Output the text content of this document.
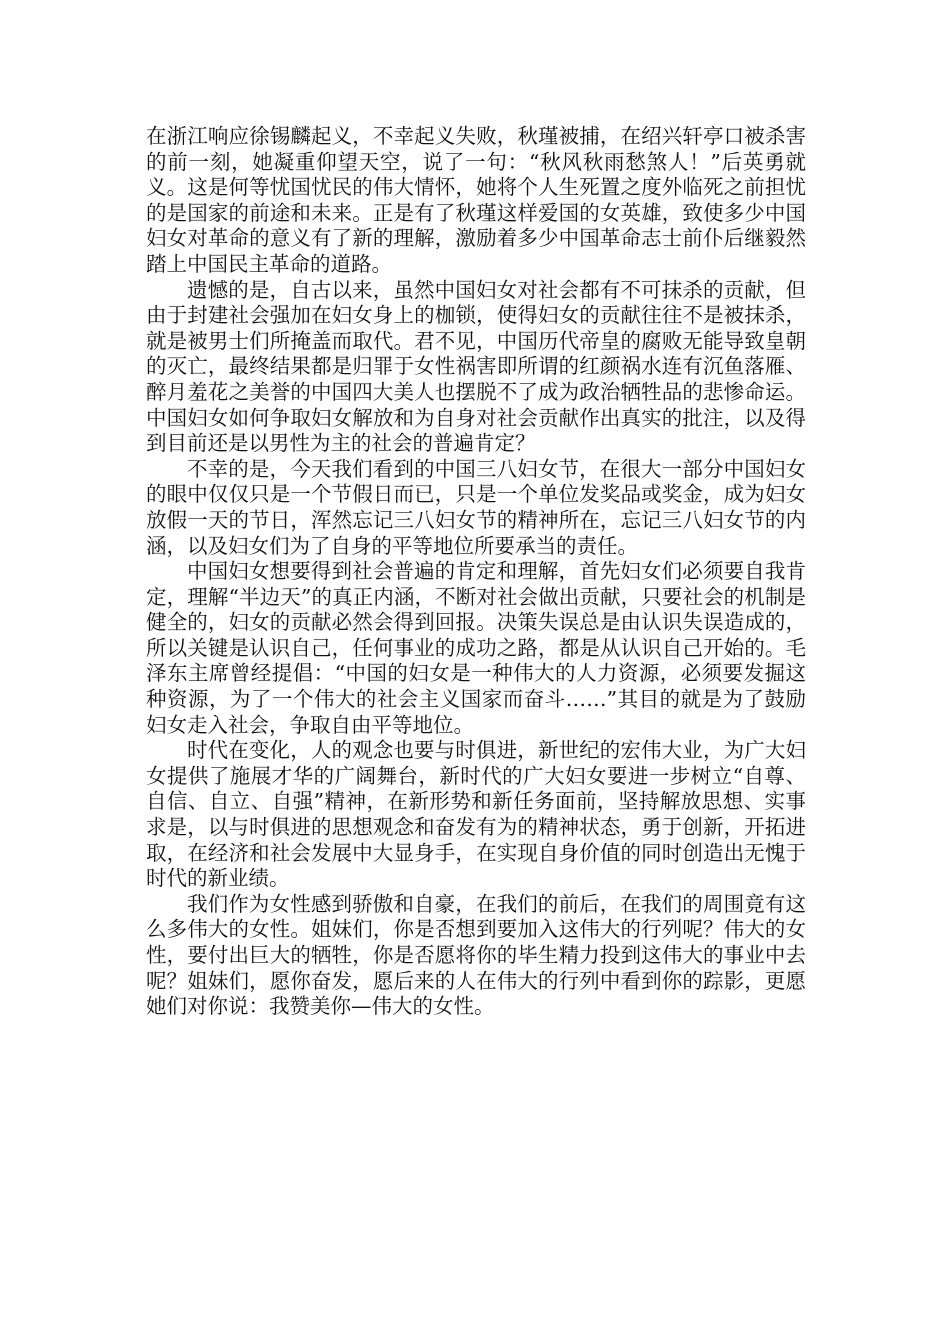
在浙江响应徐锡麟起义，不幸起义失败，秋瑾被捕，在绍兴轩亭口被杀害的前一刻，她凝重仰望天空，说了一句：“秋风秋雨愁煞人！”后英勇就义。这是何等忧国忧民的伟大情怀，她将个人生死置之度外临死之前担忧的是国家的前途和未来。正是有了秋瑾这样爱国的女英雄，致使多少中国妇女对革命的意义有了新的理解，激励着多少中国革命志士前仆后继毅然踏上中国民主革命的道路。

遗憾的是，自古以来，虽然中国妇女对社会都有不可抹杀的贡献，但由于封建社会强加在妇女身上的枷锁，使得妇女的贡献往往不是被抹杀，就是被男士们所掩盖而取代。君不见，中国历代帝皇的腐败无能导致皇朝的灭亡，最终结果都是归罪于女性祸害即所谓的红颜祸水连有沉鱼落雁、醉月羞花之美誉的中国四大美人也摆脱不了成为政治牺牲品的悲惨命运。中国妇女如何争取妇女解放和为自身对社会贡献作出真实的批注，以及得到目前还是以男性为主的社会的普遍肯定？

不幸的是，今天我们看到的中国三八妇女节，在很大一部分中国妇女的眼中仅仅只是一个节假日而已，只是一个单位发奖品或奖金，成为妇女放假一天的节日，浑然忘记三八妇女节的精神所在，忘记三八妇女节的内涵，以及妇女们为了自身的平等地位所要承当的责任。

中国妇女想要得到社会普遍的肯定和理解，首先妇女们必须要自我肯定，理解“半边天”的真正内涵，不断对社会做出贡献，只要社会的机制是健全的，妇女的贡献必然会得到回报。决策失误总是由认识失误造成的，所以关键是认识自己，任何事业的成功之路，都是从认识自己开始的。毛泽东主席曾经提倡：“中国的妇女是一种伟大的人力资源，必须要发掘这种资源，为了一个伟大的社会主义国家而奋斗……”其目的就是为了鼓励妇女走入社会，争取自由平等地位。

时代在变化，人的观念也要与时俱进，新世纪的宏伟大业，为广大妇女提供了施展才华的广阔舞台，新时代的广大妇女要进一步树立“自尊、自信、自立、自强”精神，在新形势和新任务面前，坚持解放思想、实事求是，以与时俱进的思想观念和奋发有为的精神状态，勇于创新，开拓进取，在经济和社会发展中大显身手，在实现自身价值的同时创造出无愧于时代的新业绩。

我们作为女性感到骄傲和自豪，在我们的前后，在我们的周围竟有这么多伟大的女性。姐妹们，你是否想到要加入这伟大的行列呢？伟大的女性，要付出巨大的牺牲，你是否愿将你的毕生精力投到这伟大的事业中去呢？姐妹们，愿你奋发，愿后来的人在伟大的行列中看到你的踪影，更愿她们对你说：我赞美你—伟大的女性。
